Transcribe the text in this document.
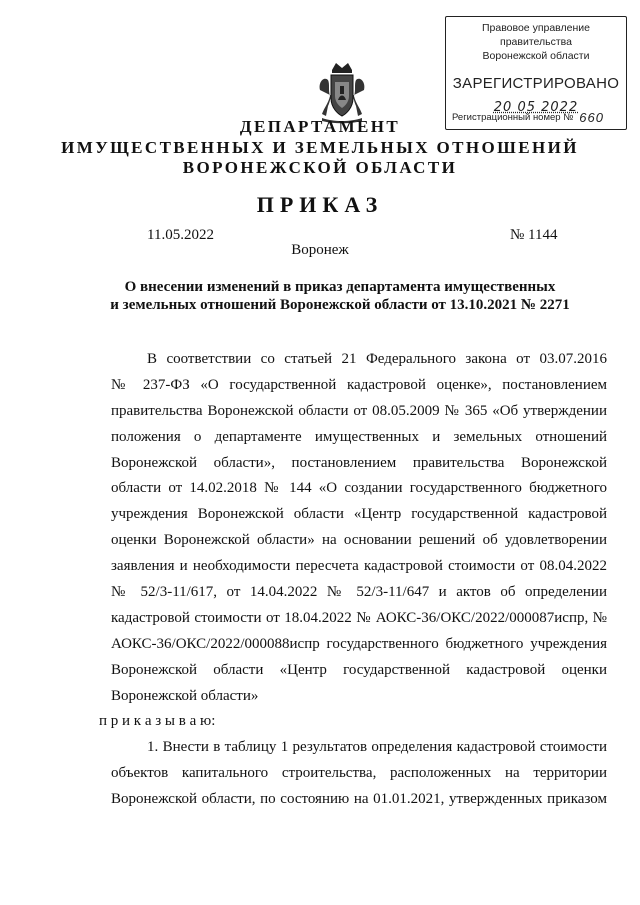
Правовое управление правительства
Воронежской области
ЗАРЕГИСТРИРОВАНО
20 05 2022
Регистрационный номер № 660
ДЕПАРТАМЕНТ
ИМУЩЕСТВЕННЫХ И ЗЕМЕЛЬНЫХ ОТНОШЕНИЙ
ВОРОНЕЖСКОЙ ОБЛАСТИ
ПРИКАЗ
11.05.2022	№ 1144
Воронеж
О внесении изменений в приказ департамента имущественных
и земельных отношений Воронежской области от 13.10.2021 № 2271
В соответствии со статьей 21 Федерального закона от 03.07.2016
№ 237-ФЗ «О государственной кадастровой оценке», постановлением
правительства Воронежской области от 08.05.2009 № 365 «Об утверждении
положения о департаменте имущественных и земельных отношений
Воронежской области», постановлением правительства Воронежской
области от 14.02.2018 № 144 «О создании государственного бюджетного
учреждения Воронежской области «Центр государственной кадастровой
оценки Воронежской области» на основании решений об удовлетворении
заявления и необходимости пересчета кадастровой стоимости от 08.04.2022
№ 52/3-11/617, от 14.04.2022 № 52/3-11/647 и актов об определении
кадастровой стоимости от 18.04.2022 № АОКС-36/ОКС/2022/000087испр, №
АОКС-36/ОКС/2022/000088испр государственного бюджетного учреждения
Воронежской области «Центр государственной кадастровой оценки
Воронежской области»
п р и к а з ы в а ю:
1. Внести в таблицу 1 результатов определения кадастровой стоимости
объектов капитального строительства, расположенных на территории
Воронежской области, по состоянию на 01.01.2021, утвержденных приказом
